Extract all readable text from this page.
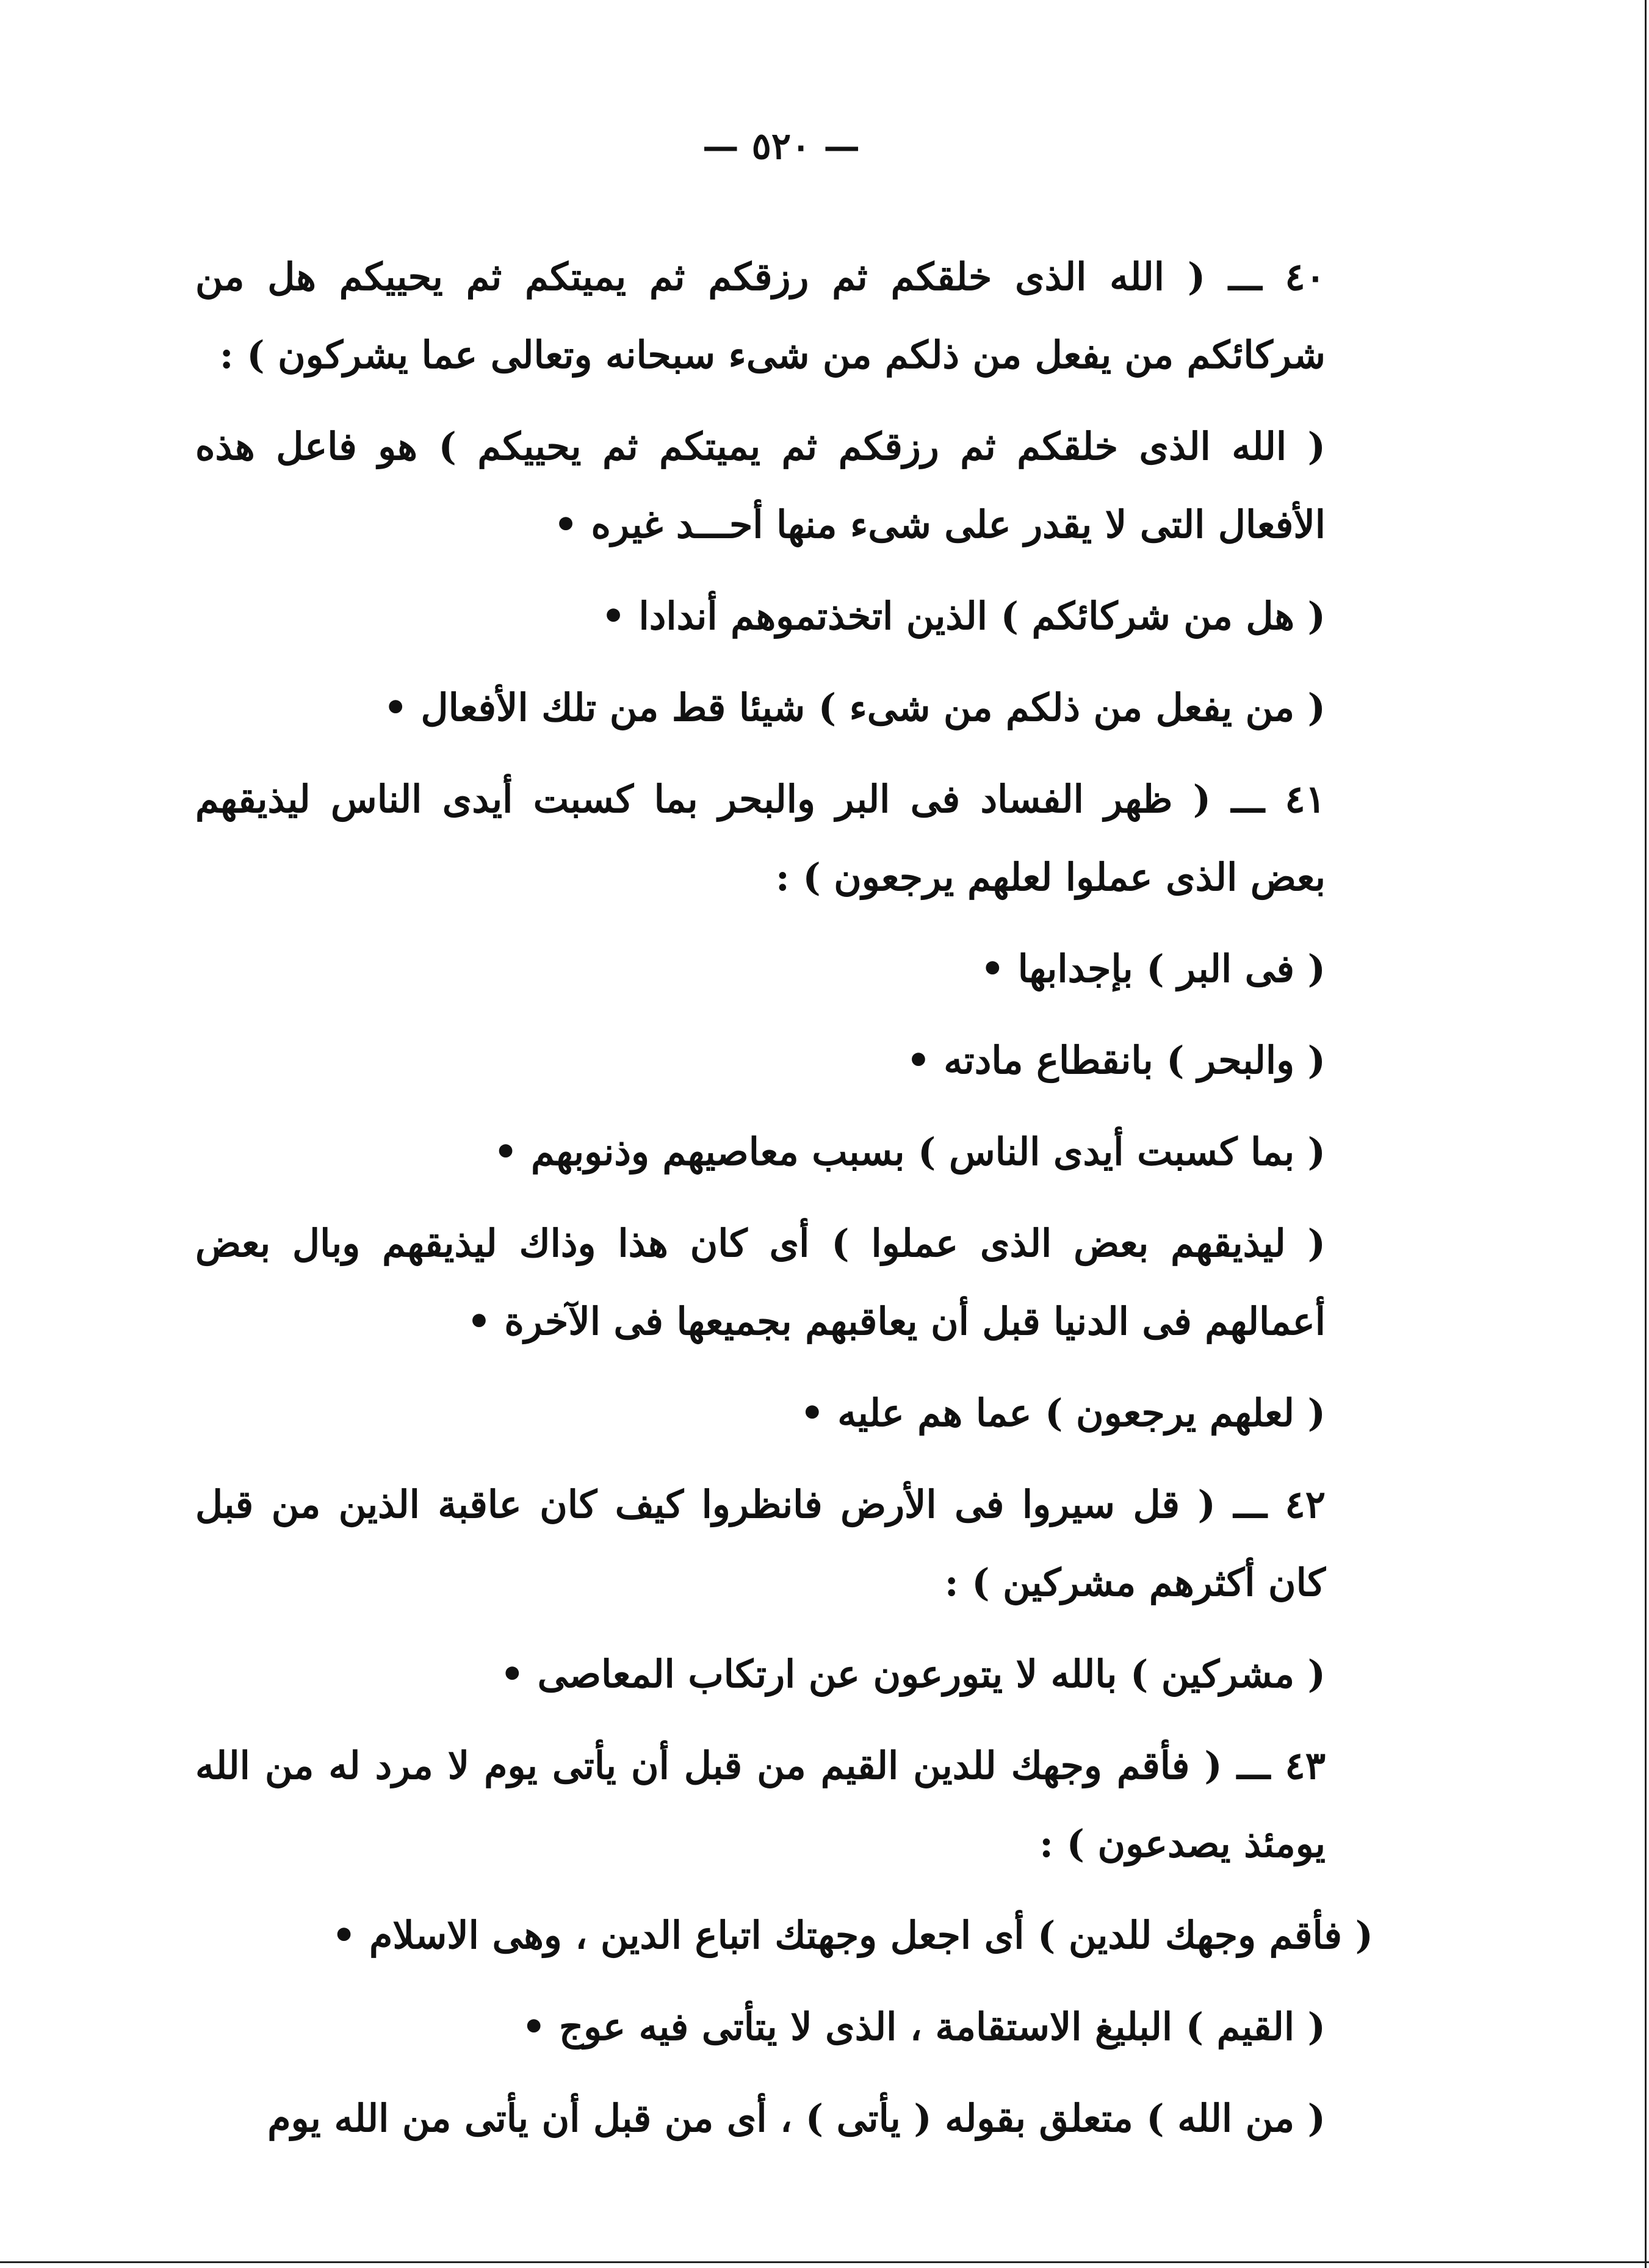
— ٥٢٠ —

٤٠ ـــ ( الله الذى خلقكم ثم رزقكم ثم يميتكم ثم يحييكم هل من شركائكم من يفعل من ذلكم من شىء سبحانه وتعالى عما يشركون ) :

( الله الذى خلقكم ثم رزقكم ثم يميتكم ثم يحييكم ) هو فاعل هذه الأفعال التى لا يقدر على شىء منها أحـــد غيره •

( هل من شركائكم ) الذين اتخذتموهم أندادا •

( من يفعل من ذلكم من شىء ) شيئا قط من تلك الأفعال •

٤١ ـــ ( ظهر الفساد فى البر والبحر بما كسبت أيدى الناس ليذيقهم بعض الذى عملوا لعلهم يرجعون ) :

( فى البر ) بإجدابها •

( والبحر ) بانقطاع مادته •

( بما كسبت أيدى الناس ) بسبب معاصيهم وذنوبهم •

( ليذيقهم بعض الذى عملوا ) أى كان هذا وذاك ليذيقهم وبال بعض أعمالهم فى الدنيا قبل أن يعاقبهم بجميعها فى الآخرة •

( لعلهم يرجعون ) عما هم عليه •

٤٢ ـــ ( قل سيروا فى الأرض فانظروا كيف كان عاقبة الذين من قبل كان أكثرهم مشركين ) :

( مشركين ) بالله لا يتورعون عن ارتكاب المعاصى •

٤٣ ـــ ( فأقم وجهك للدين القيم من قبل أن يأتى يوم لا مرد له من الله يومئذ يصدعون ) :

( فأقم وجهك للدين ) أى اجعل وجهتك اتباع الدين ، وهى الاسلام •

( القيم ) البليغ الاستقامة ، الذى لا يتأتى فيه عوج •

( من الله ) متعلق بقوله ( يأتى ) ، أى من قبل أن يأتى من الله يوم
